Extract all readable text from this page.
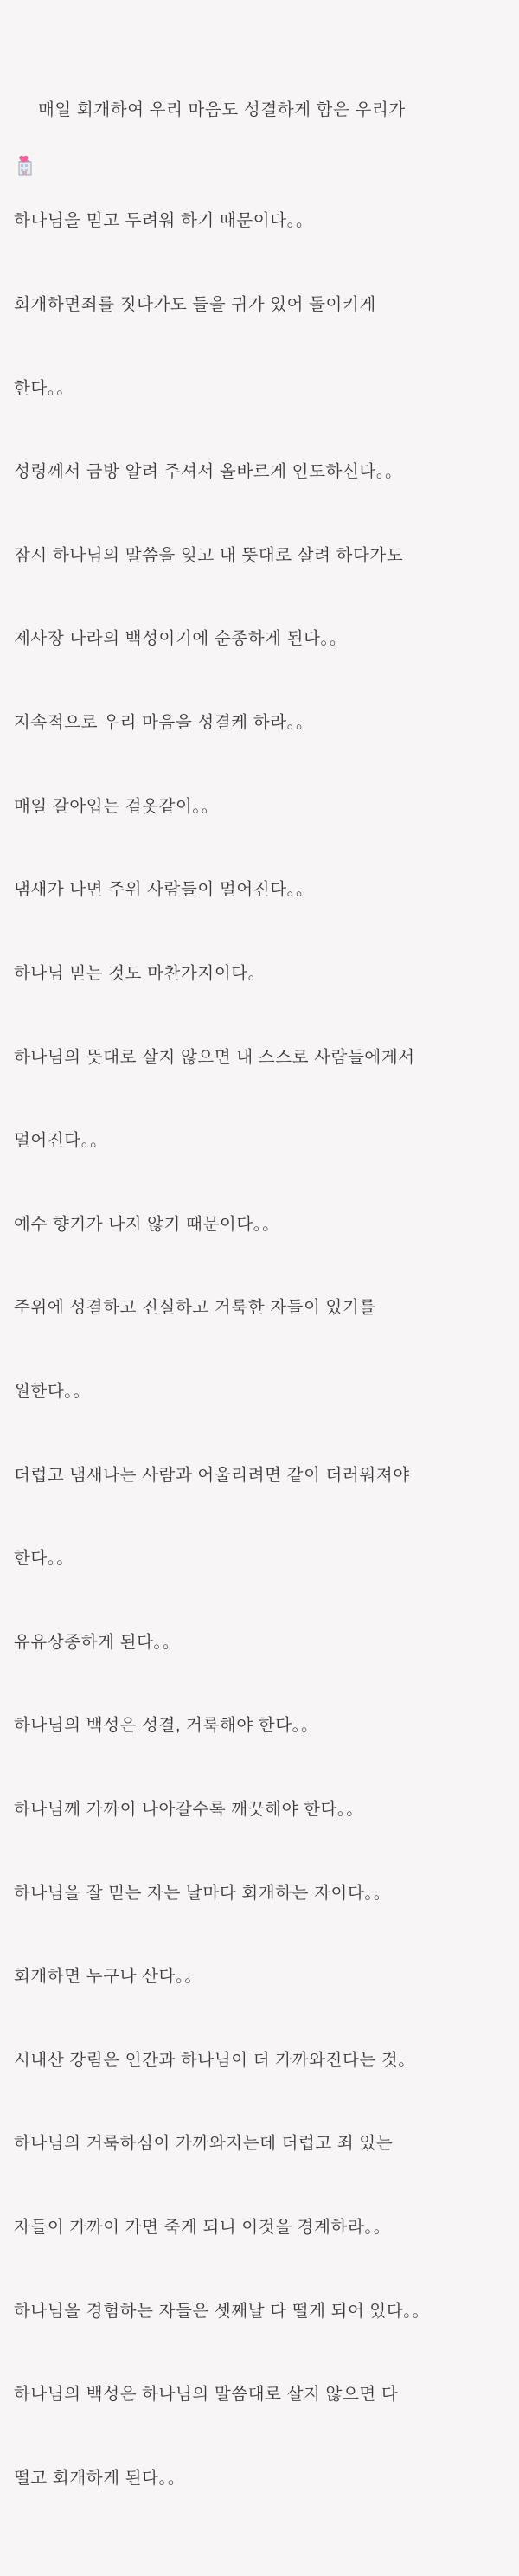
매일 회개하여 우리 마음도 성결하게 함은 우리가

하나님을 믿고 두려워 하기 때문이다。。

회개하면죄를 짓다가도 들을 귀가 있어 돌이키게

한다。。

성령께서 금방 알려 주셔서 올바르게 인도하신다。。

잠시 하나님의 말씀을 잊고 내 뜻대로 살려 하다가도

제사장 나라의 백성이기에 순종하게 된다。。

지속적으로 우리 마음을 성결케 하라。。

매일 갈아입는 겉옷같이。。

냄새가 나면 주위 사람들이 멀어진다。。

하나님 믿는 것도 마찬가지이다。

하나님의 뜻대로 살지 않으면 내 스스로 사람들에게서

멀어진다。。

예수 향기가 나지 않기 때문이다。。

주위에 성결하고 진실하고 거룩한 자들이 있기를

원한다。。

더럽고 냄새나는 사람과 어울리려면 같이 더러워져야

한다。。

유유상종하게 된다。。

하나님의 백성은 성결, 거룩해야 한다。。

하나님께 가까이 나아갈수록 깨끗해야 한다。。

하나님을 잘 믿는 자는 날마다 회개하는 자이다。。

회개하면 누구나 산다。。

시내산 강림은 인간과 하나님이 더 가까와진다는 것。

하나님의 거룩하심이 가까와지는데 더럽고 죄 있는

자들이 가까이 가면 죽게 되니 이것을 경계하라。。

하나님을 경험하는 자들은 셋째날 다 떨게 되어 있다。。

하나님의 백성은 하나님의 말씀대로 살지 않으면 다

떨고 회개하게 된다。。
